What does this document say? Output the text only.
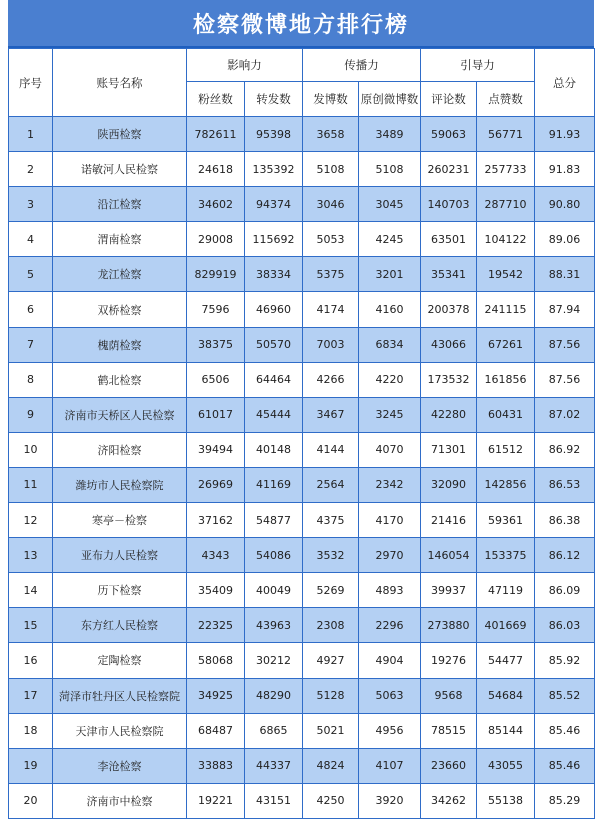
检察微博地方排行榜
序号	账号名称	影响力		传播力		引导力		总分
		粉丝数	转发数	发博数	原创微博数	评论数	点赞数	
1	陕西检察	782611	95398	3658	3489	59063	56771	91.93
2	诺敏河人民检察	24618	135392	5108	5108	260231	257733	91.83
3	沿江检察	34602	94374	3046	3045	140703	287710	90.80
4	渭南检察	29008	115692	5053	4245	63501	104122	89.06
5	龙江检察	829919	38334	5375	3201	35341	19542	88.31
6	双桥检察	7596	46960	4174	4160	200378	241115	87.94
7	槐荫检察	38375	50570	7003	6834	43066	67261	87.56
8	鹤北检察	6506	64464	4266	4220	173532	161856	87.56
9	济南市天桥区人民检察	61017	45444	3467	3245	42280	60431	87.02
10	济阳检察	39494	40148	4144	4070	71301	61512	86.92
11	潍坊市人民检察院	26969	41169	2564	2342	32090	142856	86.53
12	寒亭－检察	37162	54877	4375	4170	21416	59361	86.38
13	亚布力人民检察	4343	54086	3532	2970	146054	153375	86.12
14	历下检察	35409	40049	5269	4893	39937	47119	86.09
15	东方红人民检察	22325	43963	2308	2296	273880	401669	86.03
16	定陶检察	58068	30212	4927	4904	19276	54477	85.92
17	菏泽市牡丹区人民检察院	34925	48290	5128	5063	9568	54684	85.52
18	天津市人民检察院	68487	6865	5021	4956	78515	85144	85.46
19	李沧检察	33883	44337	4824	4107	23660	43055	85.46
20	济南市中检察	19221	43151	4250	3920	34262	55138	85.29
